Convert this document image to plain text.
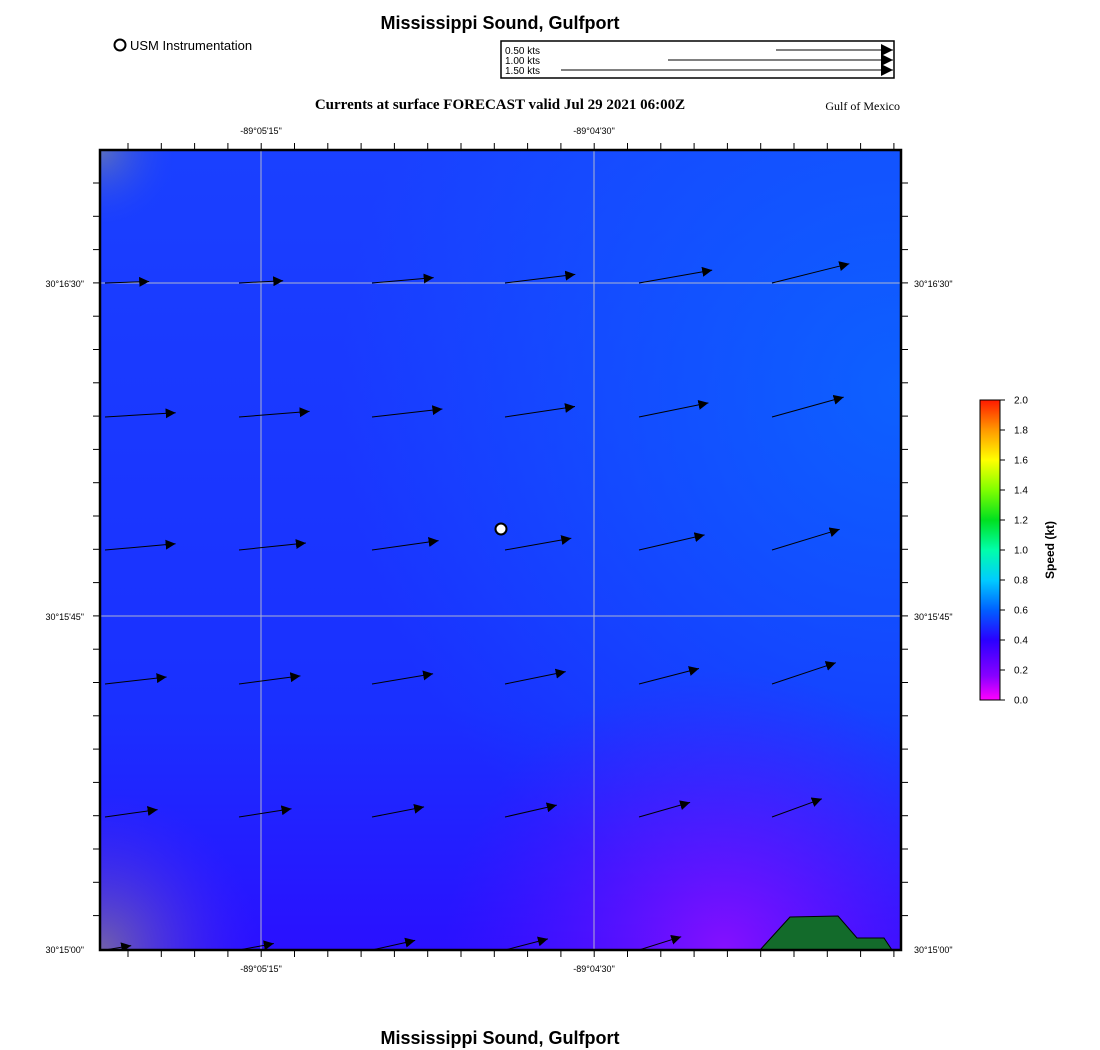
Mississippi Sound, Gulfport
USM Instrumentation	0.50 kts
1.00 kts
1.50 kts
Currents at surface FORECAST valid Jul 29 2021 06:00Z	Gulf of Mexico
-89°05'15"	-89°04'30"
-89°05'15"	-89°04'30"
30°16'30"
30°15'45"
30°15'00"
30°16'30"
30°15'45"
30°15'00"
2.0
1.8
1.6
1.4
1.2
1.0
0.8
0.6
0.4
0.2
0.0
Speed (kt)
Mississippi Sound, Gulfport
